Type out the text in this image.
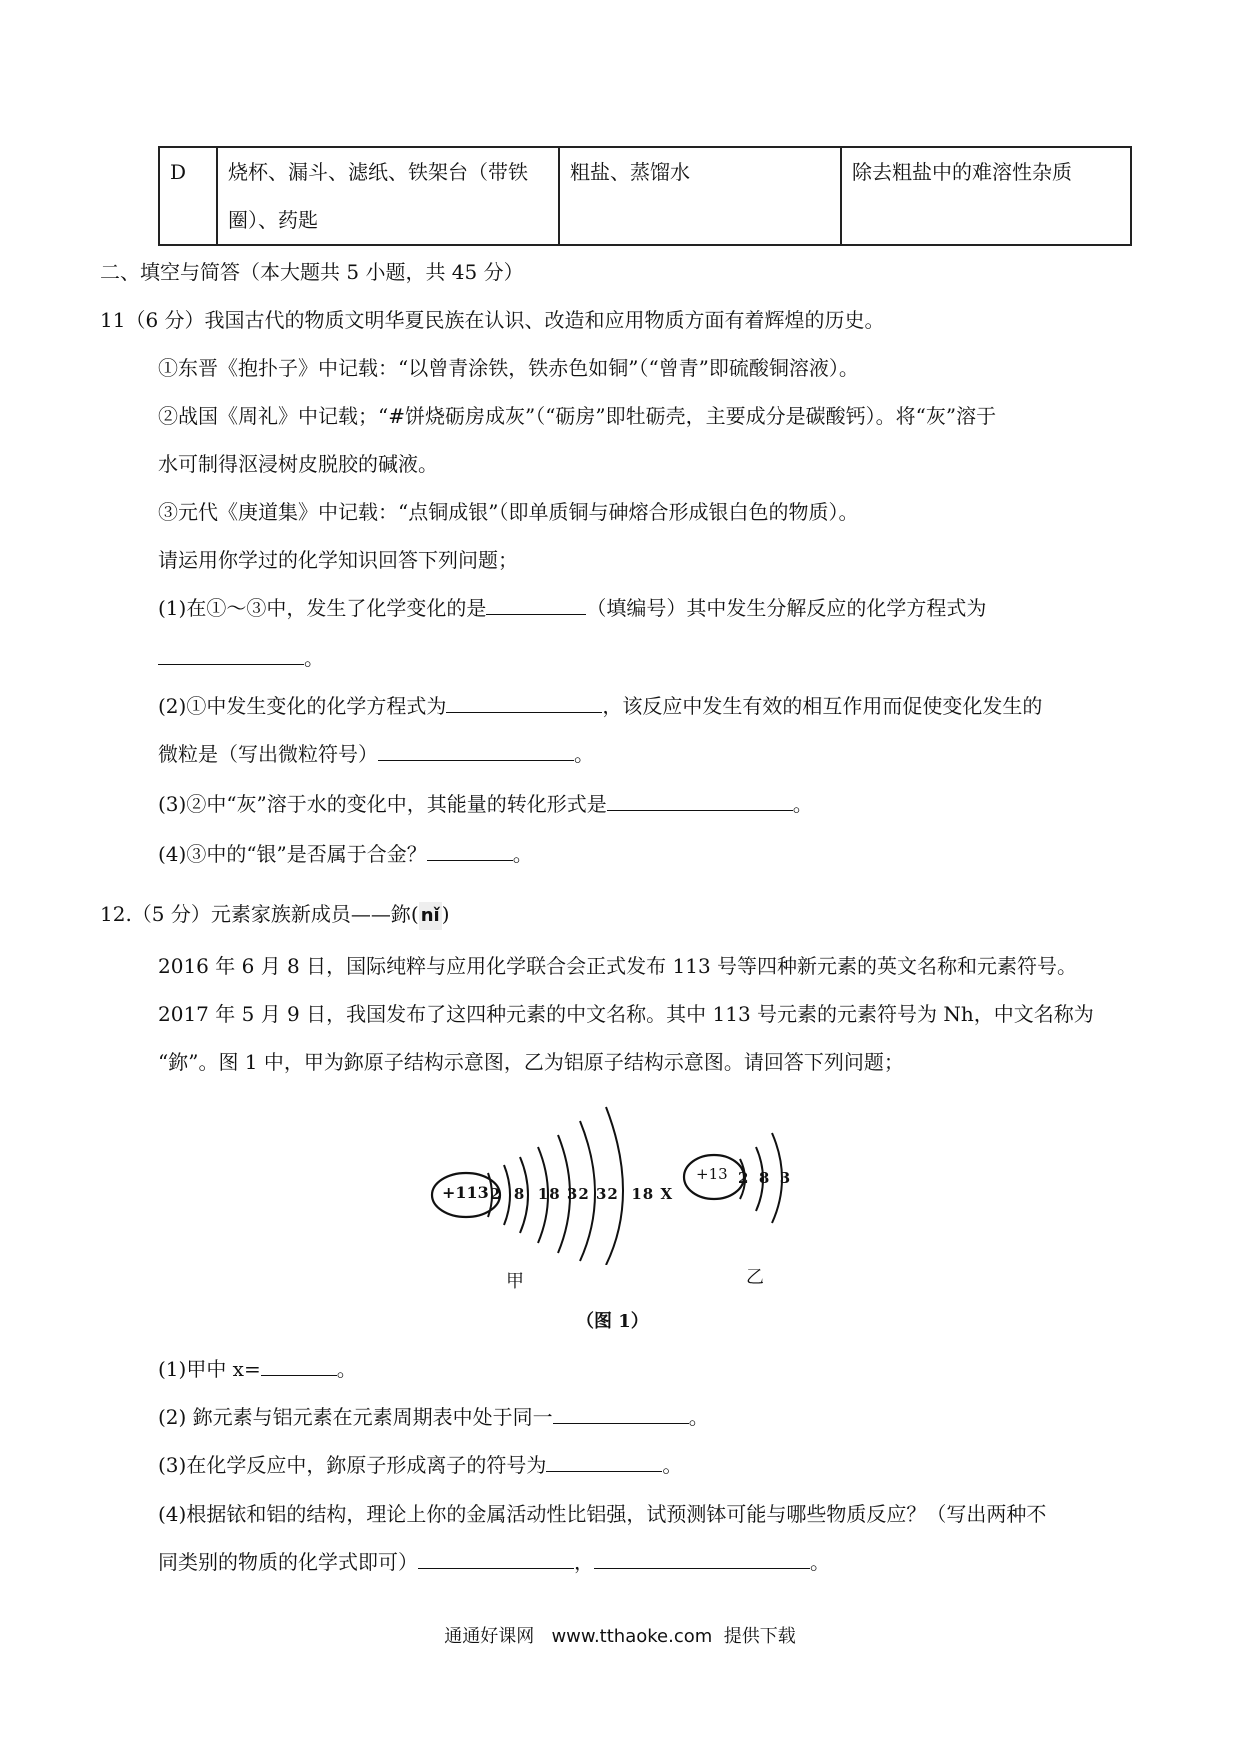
D	烧杯、漏斗、滤纸、铁架台（带铁
圈）、药匙
	粗盐、蒸馏水	除去粗盐中的难溶性杂质
二、填空与简答（本大题共 5 小题，共 45 分）
11（6 分）我国古代的物质文明华夏民族在认识、改造和应用物质方面有着辉煌的历史。
①东晋《抱扑子》中记载：“以曾青涂铁，铁赤色如铜”（“曾青”即硫酸铜溶液）。
②战国《周礼》中记载；“#饼烧砺房成灰”（“砺房”即牡砺壳，主要成分是碳酸钙）。将“灰”溶于
水可制得沤浸树皮脱胶的碱液。
③元代《庚道集》中记载：“点铜成银”（即单质铜与砷熔合形成银白色的物质）。
请运用你学过的化学知识回答下列问题；
(1)在①～③中，发生了化学变化的是	（填编号）其中发生分解反应的化学方程式为
。
(2)①中发生变化的化学方程式为	，该反应中发生有效的相互作用而促使变化发生的
微粒是（写出微粒符号）	。
(3)②中“灰”溶于水的变化中，其能量的转化形式是	。
(4)③中的“银”是否属于合金？	。
12.（5 分）元素家族新成员——鉨( nǐ )
2016 年 6 月 8 日，国际纯粹与应用化学联合会正式发布 113 号等四种新元素的英文名称和元素符号。
2017 年 5 月 9 日，我国发布了这四种元素的中文名称。其中 113 号元素的元素符号为 Nh，中文名称为
“鉨”。图 1 中，甲为鉨原子结构示意图，乙为铝原子结构示意图。请回答下列问题；
+113 2 8 18 32 32 18 X
+13 2 8 3
甲	乙
（图 1）
(1)甲中 x=	。
(2) 鉨元素与铝元素在元素周期表中处于同一	。
(3)在化学反应中，鉨原子形成离子的符号为	。
(4)根据铱和铝的结构，理论上你的金属活动性比铝强，试预测钵可能与哪些物质反应？（写出两种不
同类别的物质的化学式即可）	，	。
通通好课网   www.tthaoke.com  提供下载
